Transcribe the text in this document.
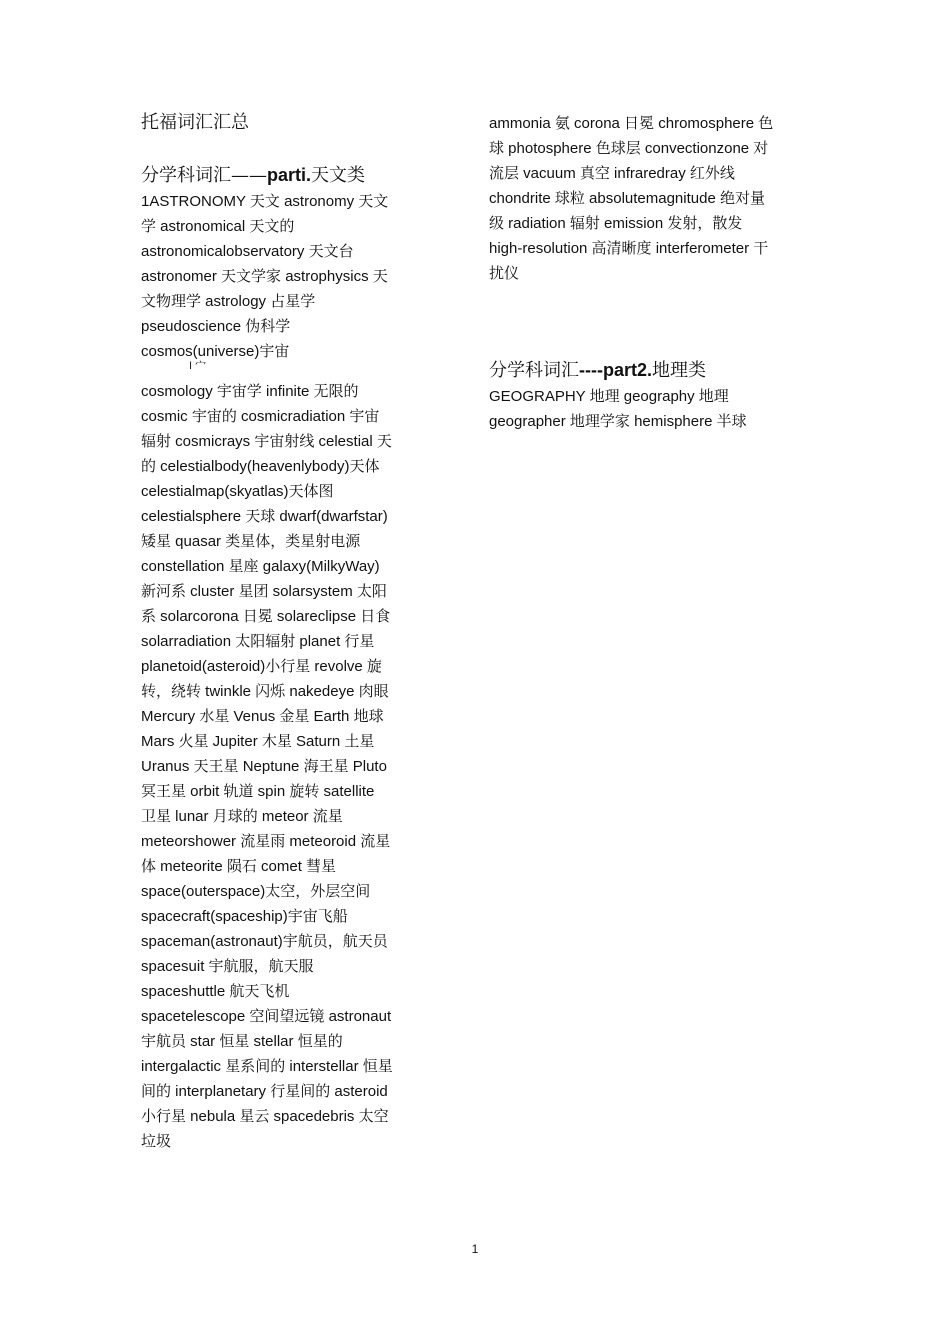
托福词汇汇总
分学科词汇——parti.天文类
1ASTRONOMY 天文 astronomy 天文学 astronomical 天文的 astronomicalobservatory 天文台 astronomer 天文学家 astrophysics 天文物理学 astrology 占星学 pseudoscience 伪科学 cosmos(universe)宇宙
I 宀
cosmology 宇宙学 infinite 无限的 cosmic 宇宙的 cosmicradiation 宇宙辐射 cosmicrays 宇宙射线 celestial 天的 celestialbody(heavenlybody)天体 celestialmap(skyatlas)天体图 celestialsphere 天球 dwarf(dwarfstar)矮星 quasar 类星体，类星射电源 constellation 星座 galaxy(MilkyWay)新河系 cluster 星团 solarsystem 太阳系 solarcorona 日冕 solareclipse 日食 solarradiation 太阳辐射 planet 行星 planetoid(asteroid)小行星 revolve 旋转，绕转 twinkle 闪烁 nakedeye 肉眼 Mercury 水星 Venus 金星 Earth 地球 Mars 火星 Jupiter 木星 Saturn 土星 Uranus 天王星 Neptune 海王星 Pluto 冥王星 orbit 轨道 spin 旋转 satellite 卫星 lunar 月球的 meteor 流星 meteorshower 流星雨 meteoroid 流星体 meteorite 陨石 comet 彗星 space(outerspace)太空，外层空间 spacecraft(spaceship)宇宙飞船 spaceman(astronaut)宇航员，航天员 spacesuit 宇航服，航天服 spaceshuttle 航天飞机 spacetelescope 空间望远镜 astronaut 宇航员 star 恒星 stellar 恒星的 intergalactic 星系间的 interstellar 恒星间的 interplanetary 行星间的 asteroid 小行星 nebula 星云 spacedebris 太空垃圾
ammonia 氨 corona 日冕 chromosphere 色球 photosphere 色球层 convectionzone 对流层 vacuum 真空 infraredray 红外线 chondrite 球粒 absolutemagnitude 绝对量级 radiation 辐射 emission 发射，散发 high-resolution 高清晰度 interferometer 干扰仪
分学科词汇----part2.地理类
GEOGRAPHY 地理 geography 地理 geographer 地理学家 hemisphere 半球
1
